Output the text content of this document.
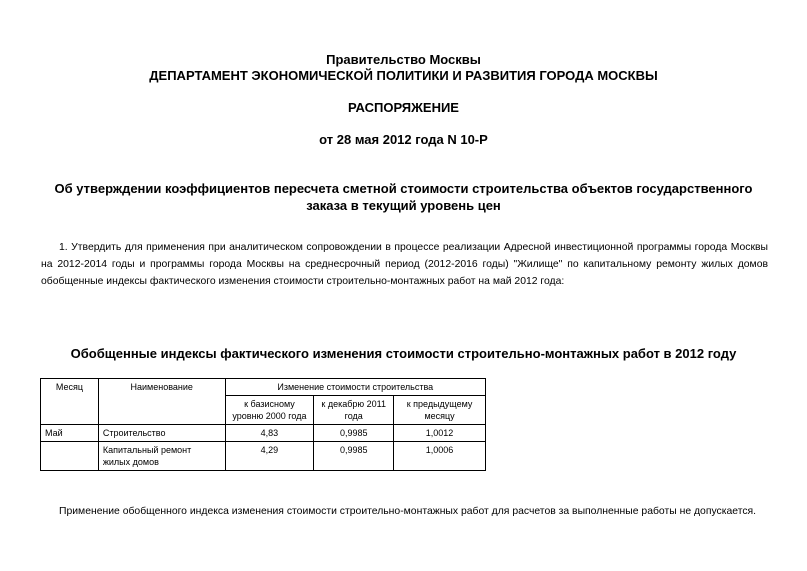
Правительство Москвы
ДЕПАРТАМЕНТ ЭКОНОМИЧЕСКОЙ ПОЛИТИКИ И РАЗВИТИЯ ГОРОДА МОСКВЫ
РАСПОРЯЖЕНИЕ
от 28 мая 2012 года N 10-Р
Об утверждении коэффициентов пересчета сметной стоимости строительства объектов государственного заказа в текущий уровень цен
1. Утвердить для применения при аналитическом сопровождении в процессе реализации Адресной инвестиционной программы города Москвы на 2012-2014 годы и программы города Москвы на среднесрочный период (2012-2016 годы) "Жилище" по капитальному ремонту жилых домов обобщенные индексы фактического изменения стоимости строительно-монтажных работ на май 2012 года:
Обобщенные индексы фактического изменения стоимости строительно-монтажных работ в 2012 году
Месяц	Наименование	Изменение стоимости строительства		
		к базисному уровню 2000 года	к декабрю 2011 года	к предыдущему месяцу
Май	Строительство	4,83	0,9985	1,0012
	Капитальный ремонт жилых домов	4,29	0,9985	1,0006
Применение обобщенного индекса изменения стоимости строительно-монтажных работ для расчетов за выполненные работы не допускается.
